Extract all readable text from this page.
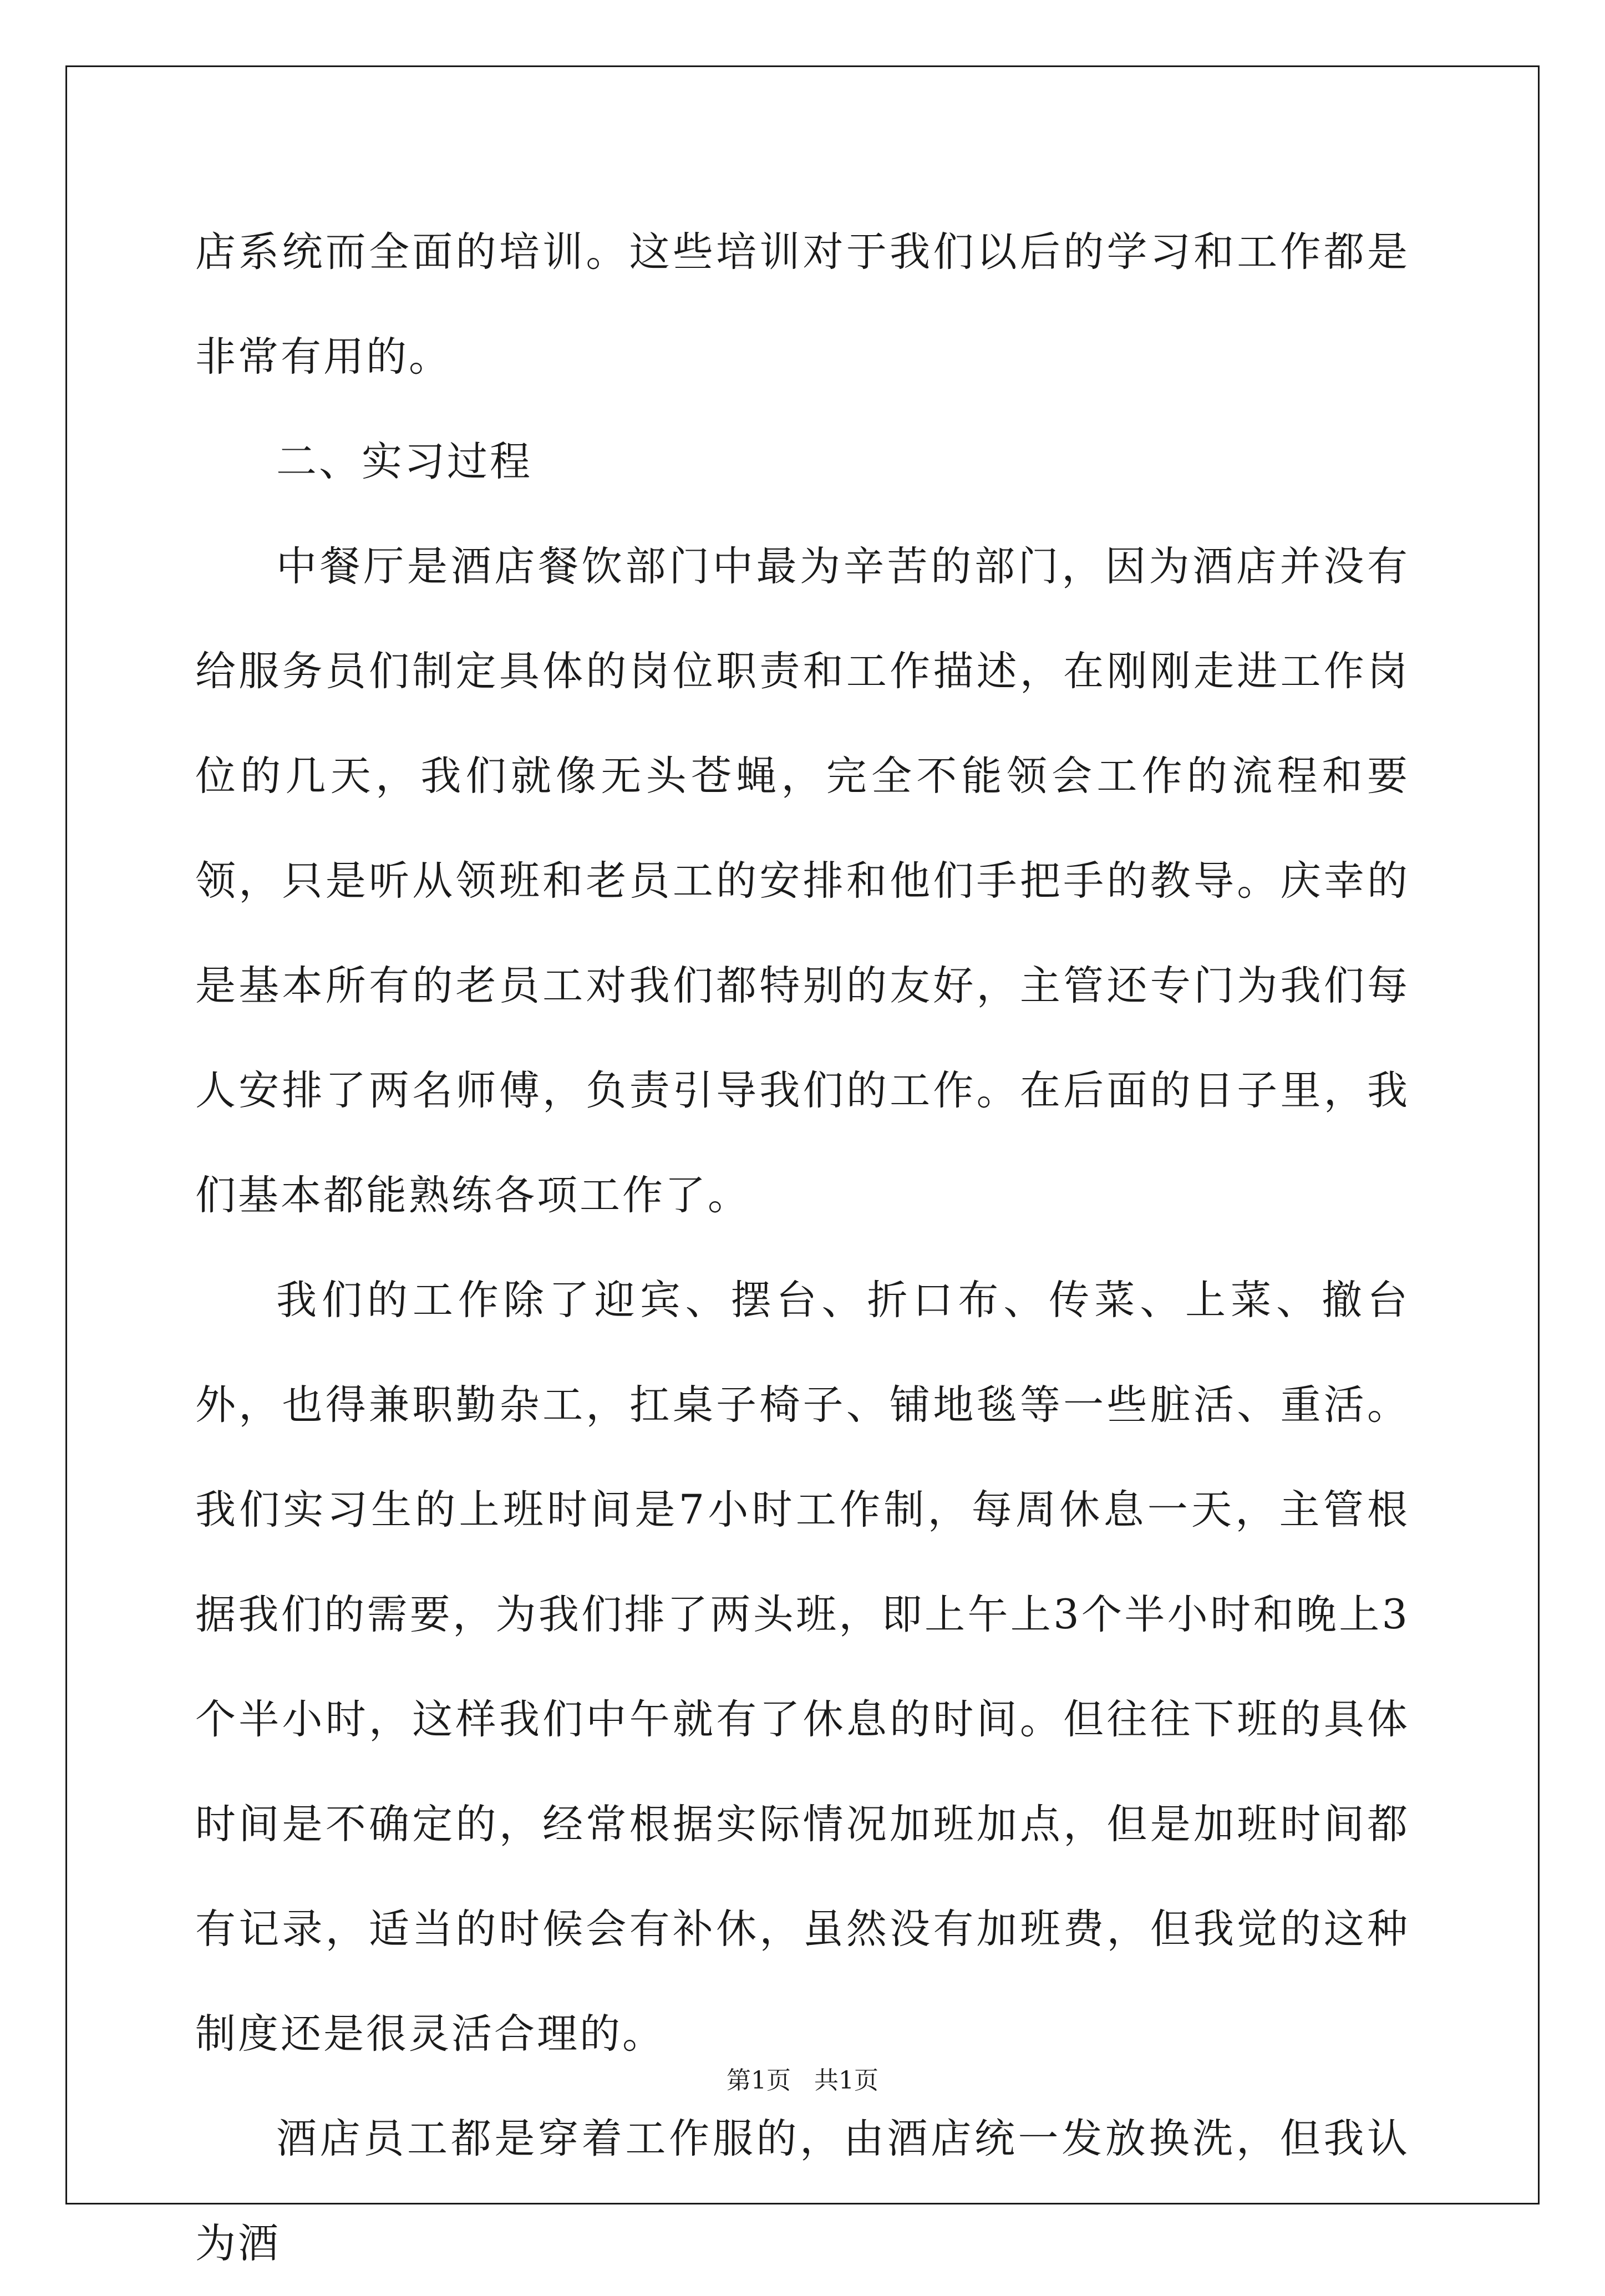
店系统而全面的培训。这些培训对于我们以后的学习和工作都是非常有用的。

二、实习过程

中餐厅是酒店餐饮部门中最为辛苦的部门，因为酒店并没有给服务员们制定具体的岗位职责和工作描述，在刚刚走进工作岗位的几天，我们就像无头苍蝇，完全不能领会工作的流程和要领，只是听从领班和老员工的安排和他们手把手的教导。庆幸的是基本所有的老员工对我们都特别的友好，主管还专门为我们每人安排了两名师傅，负责引导我们的工作。在后面的日子里，我们基本都能熟练各项工作了。

我们的工作除了迎宾、摆台、折口布、传菜、上菜、撤台外，也得兼职勤杂工，扛桌子椅子、铺地毯等一些脏活、重活。我们实习生的上班时间是7小时工作制，每周休息一天，主管根据我们的需要，为我们排了两头班，即上午上3个半小时和晚上3个半小时，这样我们中午就有了休息的时间。但往往下班的具体时间是不确定的，经常根据实际情况加班加点，但是加班时间都有记录，适当的时候会有补休，虽然没有加班费，但我觉的这种制度还是很灵活合理的。

酒店员工都是穿着工作服的，由酒店统一发放换洗，但我认为酒

第1页   共1页
